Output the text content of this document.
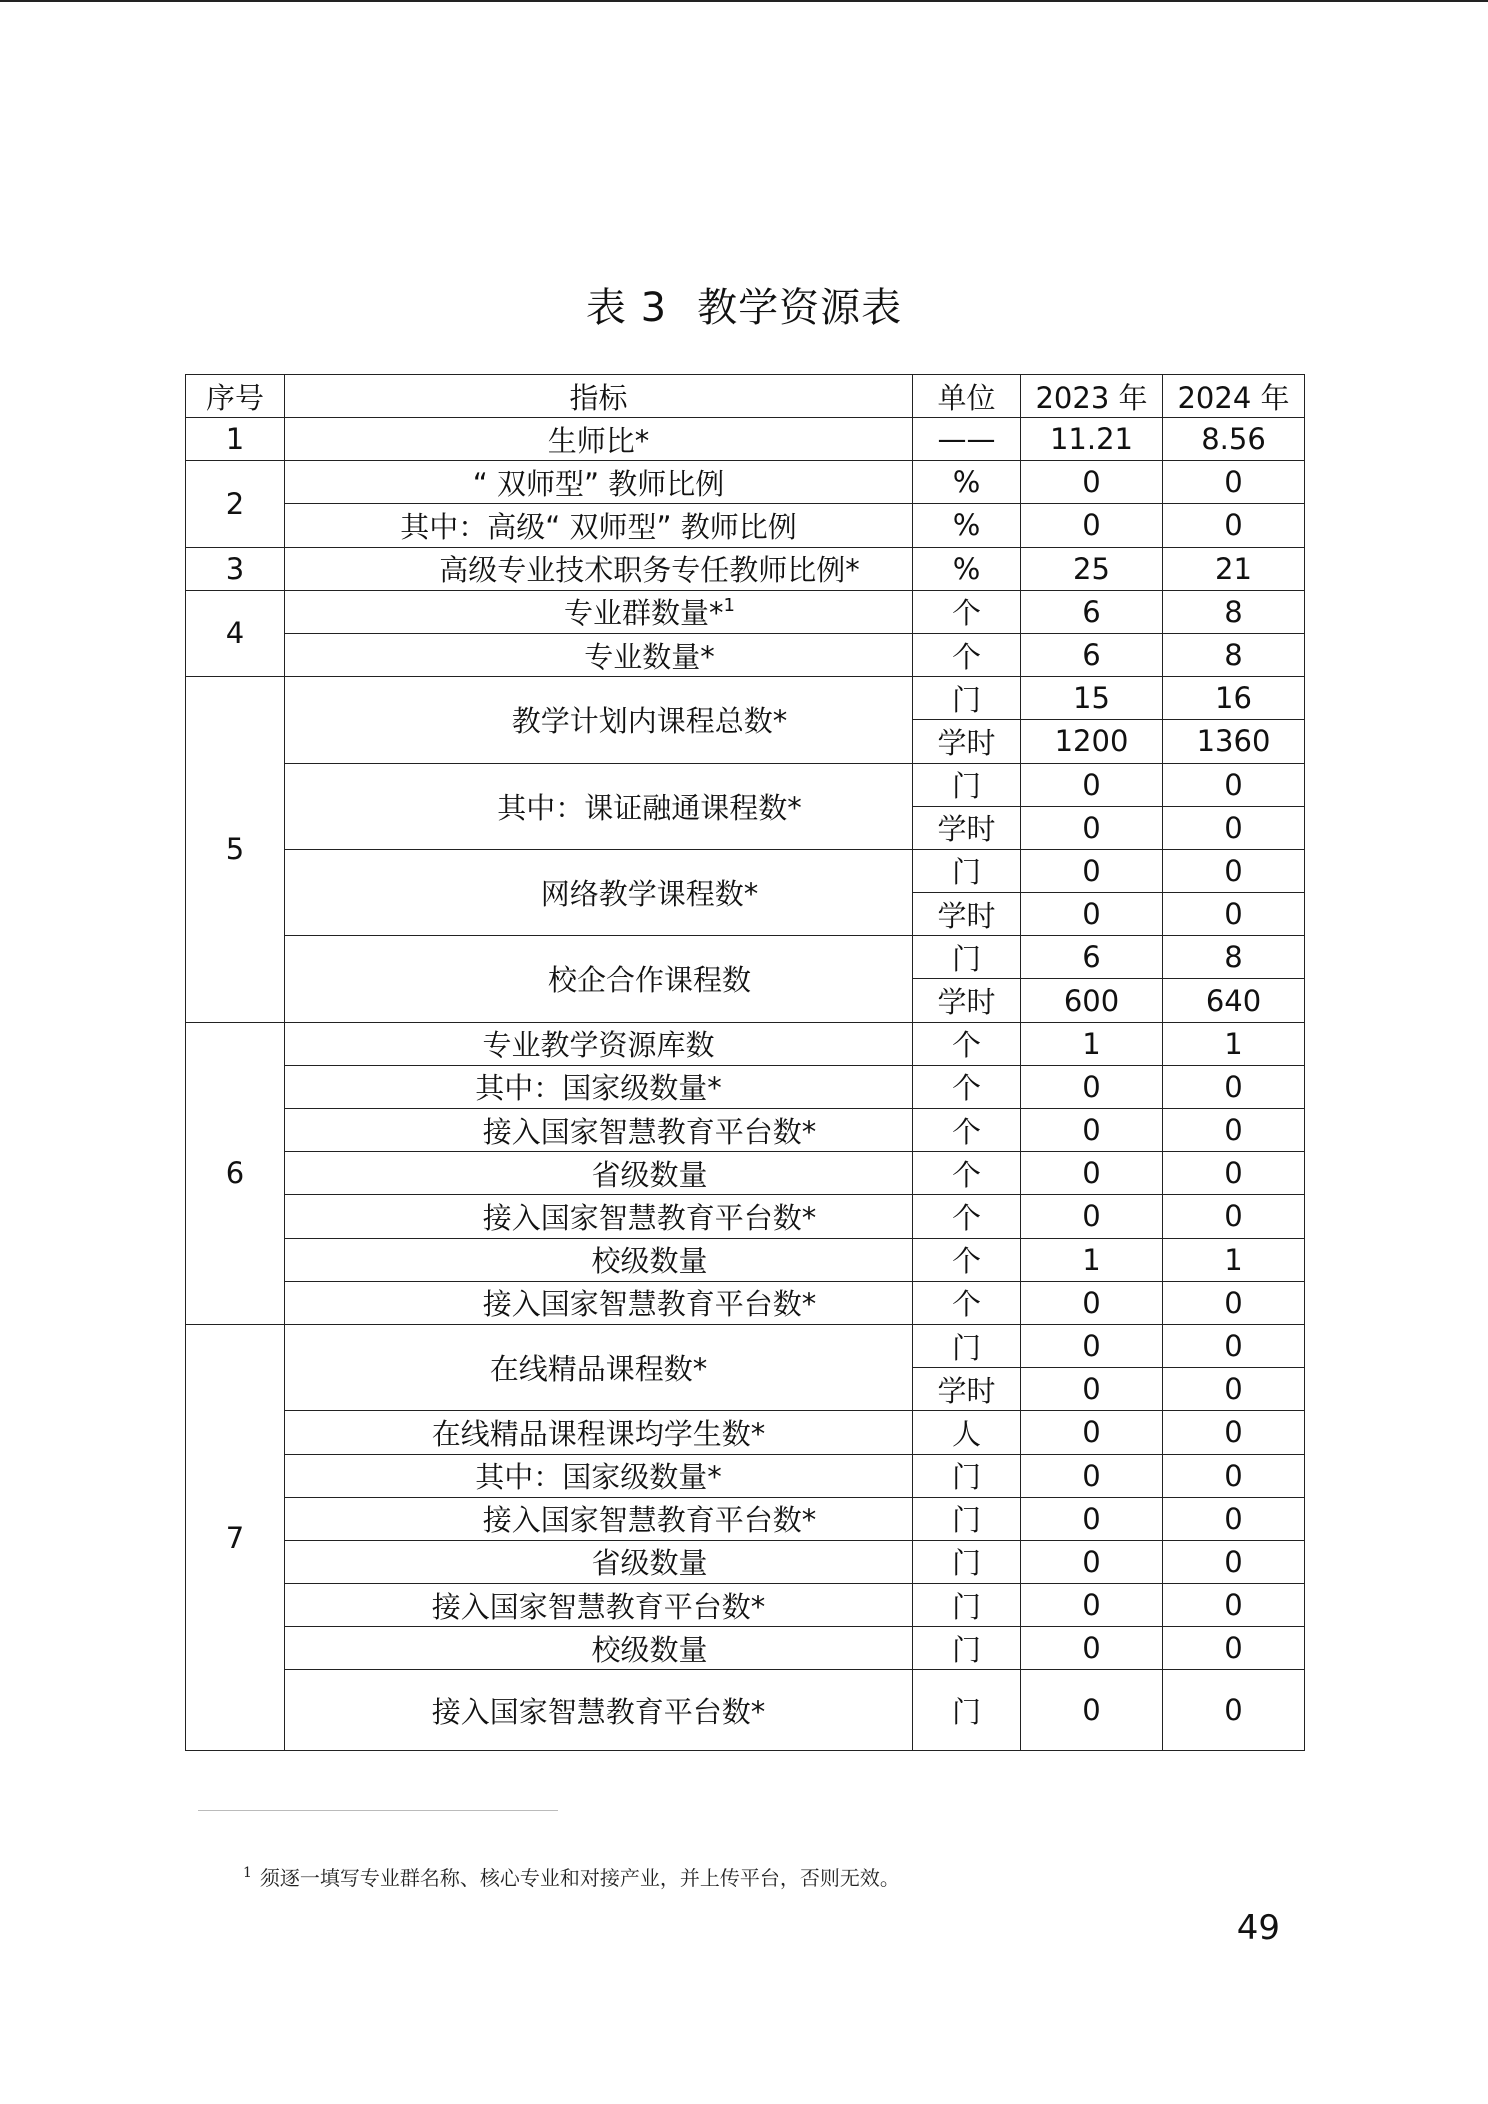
表 3 教学资源表
序号	指标	单位	2023 年	2024 年
1	生师比*	——	11.21	8.56
2	“ 双师型” 教师比例	%	0	0
	其中：高级“ 双师型” 教师比例	%	0	0
3	高级专业技术职务专任教师比例*	%	25	21
4	专业群数量*$^1$	个	6	8
	专业数量*	个	6	8
5	教学计划内课程总数*	门	15	16
		学时	1200	1360
	其中：课证融通课程数*	门	0	0
		学时	0	0
	网络教学课程数*	门	0	0
		学时	0	0
	校企合作课程数	门	6	8
		学时	600	640
6	专业教学资源库数	个	1	1
	其中：国家级数量*	个	0	0
	接入国家智慧教育平台数*	个	0	0
	省级数量	个	0	0
	接入国家智慧教育平台数*	个	0	0
	校级数量	个	1	1
	接入国家智慧教育平台数*	个	0	0
7	在线精品课程数*	门	0	0
		学时	0	0
	在线精品课程课均学生数*	人	0	0
	其中：国家级数量*	门	0	0
	接入国家智慧教育平台数*	门	0	0
	省级数量	门	0	0
	接入国家智慧教育平台数*	门	0	0
	校级数量	门	0	0
	接入国家智慧教育平台数*	门	0	0
$^1$ 须逐一填写专业群名称、核心专业和对接产业，并上传平台，否则无效。
49
